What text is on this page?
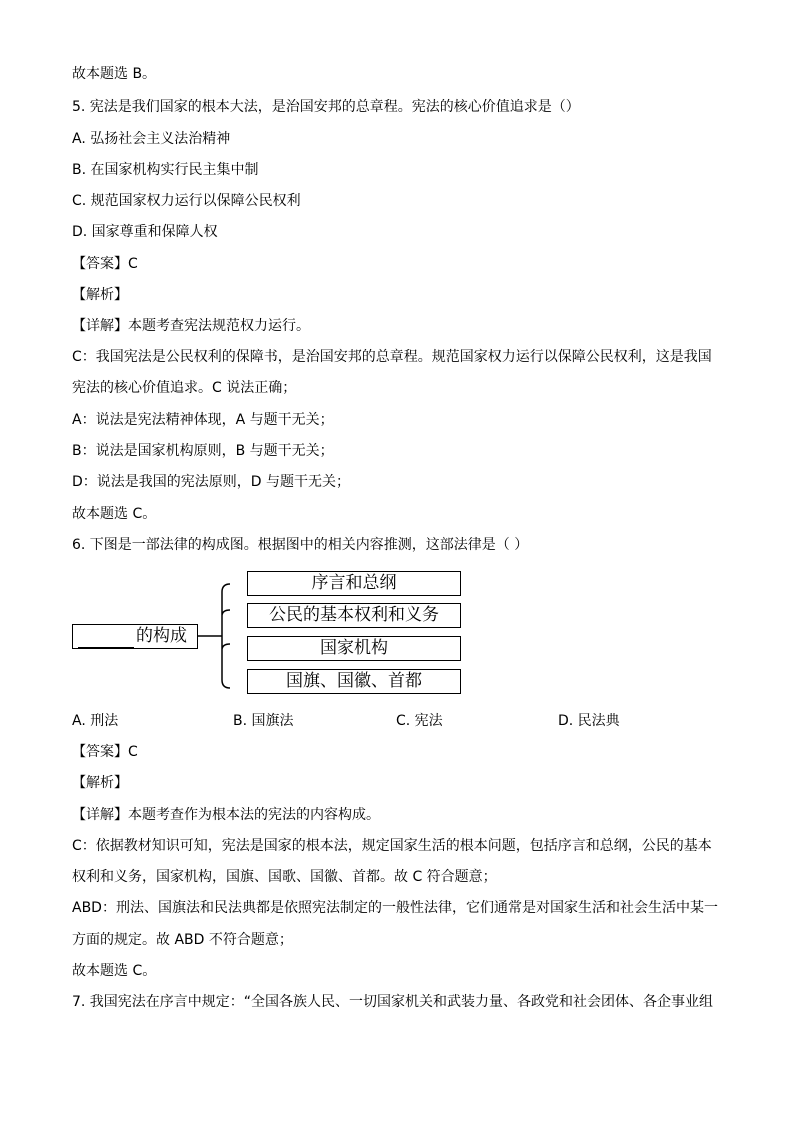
故本题选 B。
5. 宪法是我们国家的根本大法，是治国安邦的总章程。宪法的核心价值追求是（）
A. 弘扬社会主义法治精神
B. 在国家机构实行民主集中制
C. 规范国家权力运行以保障公民权利
D. 国家尊重和保障人权
【答案】C
【解析】
【详解】本题考查宪法规范权力运行。
C：我国宪法是公民权利的保障书，是治国安邦的总章程。规范国家权力运行以保障公民权利，这是我国
宪法的核心价值追求。C 说法正确；
A：说法是宪法精神体现，A 与题干无关；
B：说法是国家机构原则，B 与题干无关；
D：说法是我国的宪法原则，D 与题干无关；
故本题选 C。
6. 下图是一部法律的构成图。根据图中的相关内容推测，这部法律是（ ）
的构成
序言和总纲
公民的基本权利和义务
国家机构
国旗、国徽、首都
A. 刑法	B. 国旗法	C. 宪法	D. 民法典
【答案】C
【解析】
【详解】本题考查作为根本法的宪法的内容构成。
C：依据教材知识可知，宪法是国家的根本法，规定国家生活的根本问题，包括序言和总纲，公民的基本
权利和义务，国家机构，国旗、国歌、国徽、首都。故 C 符合题意；
ABD：刑法、国旗法和民法典都是依照宪法制定的一般性法律，它们通常是对国家生活和社会生活中某一
方面的规定。故 ABD 不符合题意；
故本题选 C。
7. 我国宪法在序言中规定：“全国各族人民、一切国家机关和武装力量、各政党和社会团体、各企事业组
